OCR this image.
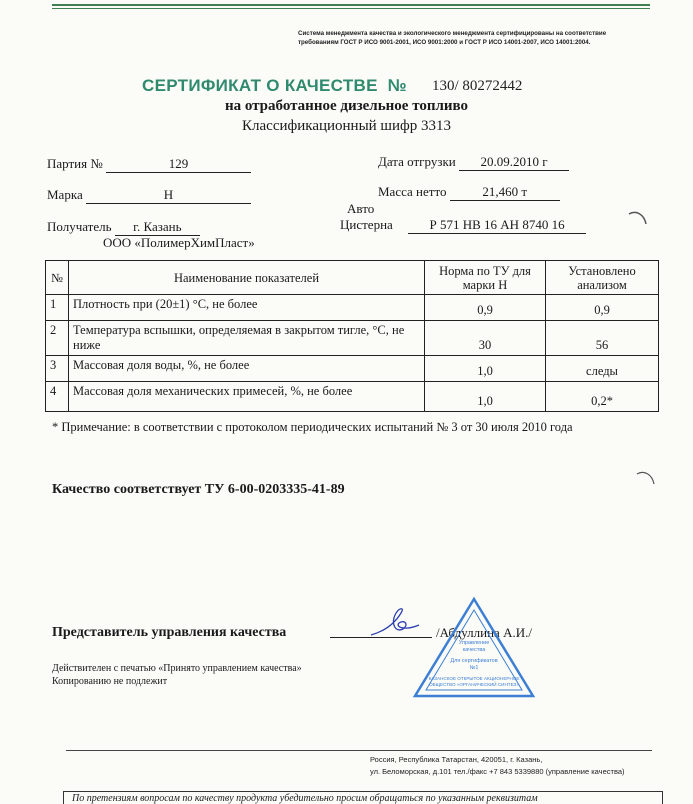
Система менеджмента качества и экологического менеджмента сертифицированы на соответствие требованиям ГОСТ Р ИСО 9001-2001, ИСО 9001:2000 и ГОСТ Р ИСО 14001-2007, ИСО 14001:2004.
СЕРТИФИКАТ О КАЧЕСТВЕ № 130/ 80272442
на отработанное дизельное топливо
Классификационный шифр 3313
Партия №	129
Марка	Н
Получатель г. Казань
ООО «ПолимерХимПласт»
Дата отгрузки 20.09.2010 г
Масса нетто	21,460 т
Авто
Цистерна	Р 571 НВ 16 АН 8740 16
№	Наименование показателей	Норма по ТУ для марки Н	Установлено анализом
1	Плотность при (20±1) °С, не более	0,9	0,9
2	Температура вспышки, определяемая в закрытом тигле, °С, не ниже	30	56
3	Массовая доля воды, %, не более	1,0	следы
4	Массовая доля механических примесей, %, не более	1,0	0,2*
* Примечание: в соответствии с протоколом периодических испытаний № 3 от 30 июля 2010 года
Качество соответствует ТУ 6-00-0203335-41-89
Представитель управления качества	/Абдуллина А.И./
Управление качества
Для сертификатов №1
КАЗАНСКОЕ ОТКРЫТОЕ АКЦИОНЕРНОЕ ОБЩЕСТВО «ОРГАНИЧЕСКИЙ СИНТЕЗ»
Действителен с печатью «Принято управлением качества»
Копированию не подлежит
Россия, Республика Татарстан, 420051, г. Казань,
ул. Беломорская, д.101 тел./факс +7 843 5339880 (управление качества)
По претензиям вопросам по качеству продукта убедительно просим обращаться по указанным реквизитам
